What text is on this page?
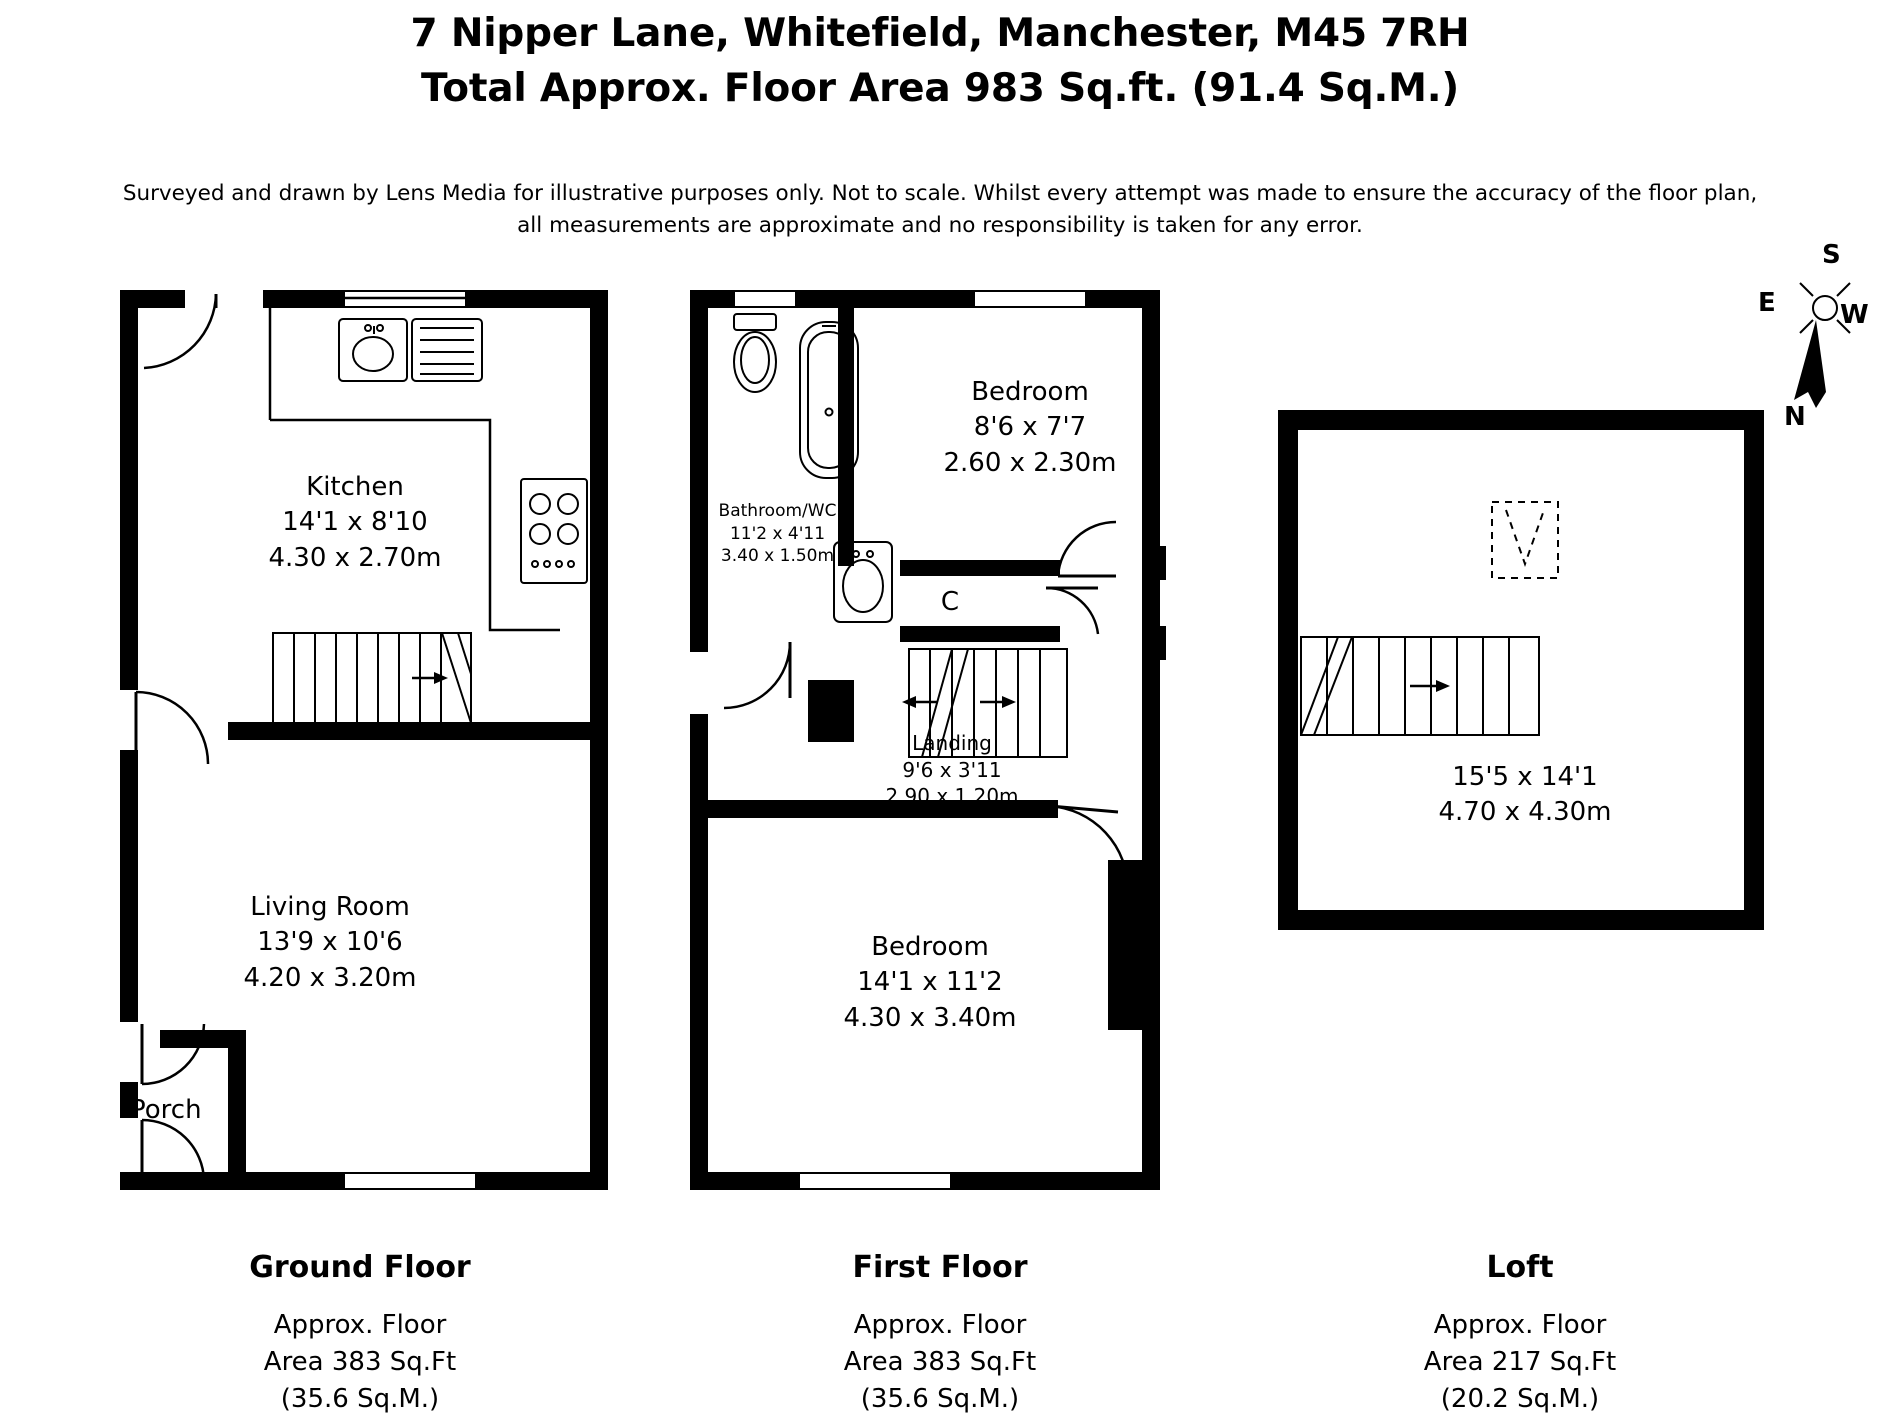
7 Nipper Lane, Whitefield, Manchester, M45 7RH
Total Approx. Floor Area 983 Sq.ft. (91.4 Sq.M.)
Surveyed and drawn by Lens Media for illustrative purposes only. Not to scale. Whilst every attempt was made to ensure the accuracy of the floor plan,
all measurements are approximate and no responsibility is taken for any error.
Kitchen
14'1 x 8'10
4.30 x 2.70m
Living Room
13'9 x 10'6
4.20 x 3.20m
Porch
Bedroom
8'6 x 7'7
2.60 x 2.30m
Bathroom/WC
11'2 x 4'11
3.40 x 1.50m
C
Landing
9'6 x 3'11
2.90 x 1.20m
Bedroom
14'1 x 11'2
4.30 x 3.40m
15'5 x 14'1
4.70 x 4.30m
S
E W
N
Ground Floor
Approx. Floor
Area 383 Sq.Ft
(35.6 Sq.M.)
First Floor
Approx. Floor
Area 383 Sq.Ft
(35.6 Sq.M.)
Loft
Approx. Floor
Area 217 Sq.Ft
(20.2 Sq.M.)
